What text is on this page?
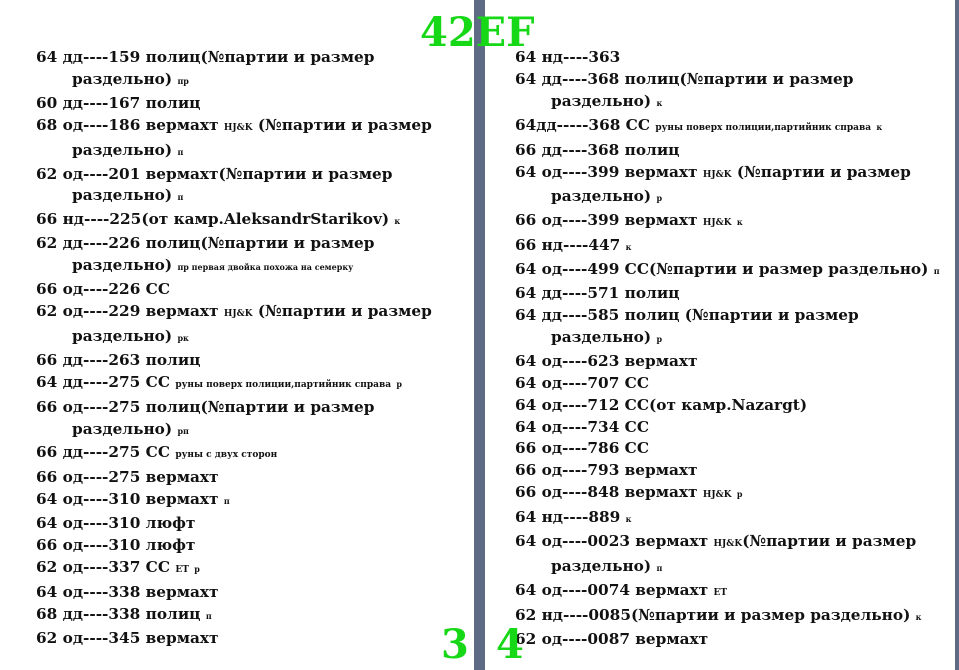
64 дд----159 полиц(№партии и размер
раздельно) пр
60 дд----167 полиц
68 од----186 вермахт HJ&K (№партии и размер
раздельно) п
62 од----201 вермахт(№партии и размер
раздельно) п
66 нд----225(от камр.AleksandrStarikov) к
62 дд----226 полиц(№партии и размер
раздельно) пр первая двойка похожа на семерку
66 од----226 СС
62 од----229 вермахт HJ&K (№партии и размер
раздельно) рк
66 дд----263 полиц
64 дд----275 СС руны поверх полиции,партийник справа р
66 од----275 полиц(№партии и размер
раздельно) рп
66 дд----275 СС руны с двух сторон
66 од----275 вермахт
64 од----310 вермахт п
64 од----310 люфт
66 од----310 люфт
62 од----337 СС ЕТ р
64 од----338 вермахт
68 дд----338 полиц п
62 од----345 вермахт
64 нд----363
64 дд----368 полиц(№партии и размер
раздельно) к
64дд-----368 СС руны поверх полиции,партийник справа к
66 дд----368 полиц
64 од----399 вермахт HJ&K (№партии и размер
раздельно) р
66 од----399 вермахт HJ&K к
66 нд----447 к
64 од----499 СС(№партии и размер раздельно) п
64 дд----571 полиц
64 дд----585 полиц (№партии и размер
раздельно) р
64 од----623 вермахт
64 од----707 СС
64 од----712 СС(от камр.Nazargt)
64 од----734 СС
66 од----786 СС
66 од----793 вермахт
66 од----848 вермахт HJ&K р
64 нд----889 к
64 од----0023 вермахт HJ&K(№партии и размер
раздельно) п
64 од----0074 вермахт ЕТ
62 нд----0085(№партии и размер раздельно) к
62 од----0087 вермахт
42EF
3 4
